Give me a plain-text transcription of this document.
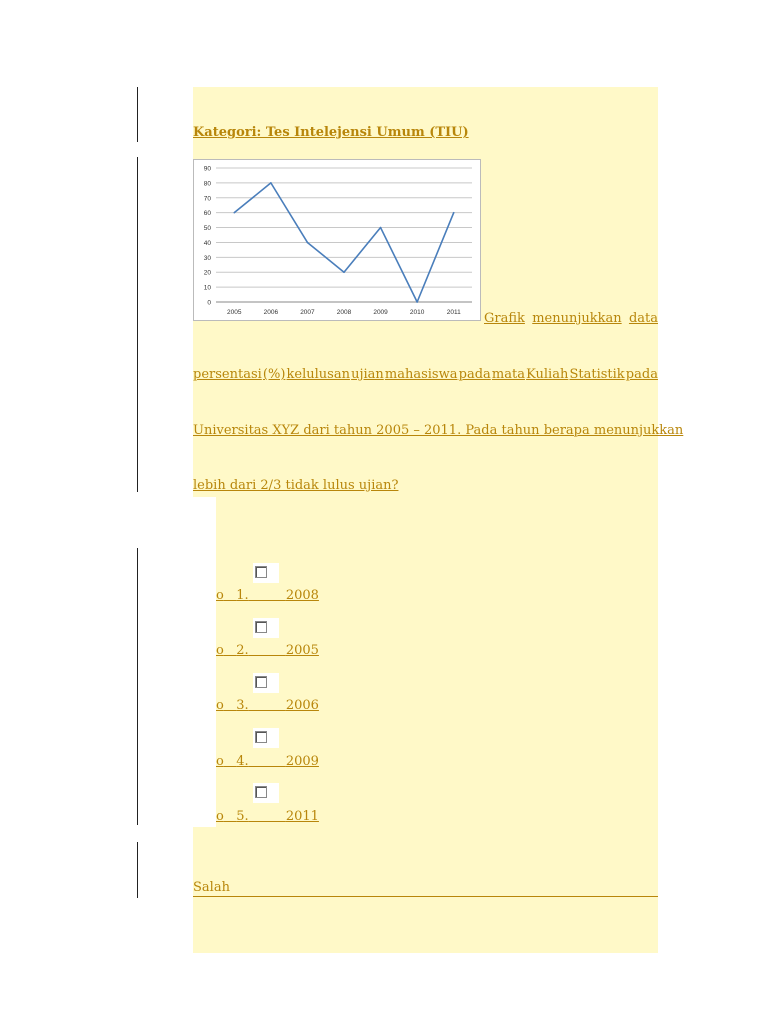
Kategori: Tes Intelejensi Umum (TIU)
0
10
20
30
40
50
60
70
80
90
2005	2006	2007	2008	2009	2010	2011 Grafik menunjukkan data
persentasi (%) kelulusan ujian mahasiswa pada mata Kuliah Statistik pada
Universitas XYZ dari tahun 2005 – 2011. Pada tahun berapa menunjukkan
lebih dari 2/3 tidak lulus ujian?
o 1.	2008
o 2.	2005
o 3.	2006
o 4.	2009
o 5.	2011
Salah
